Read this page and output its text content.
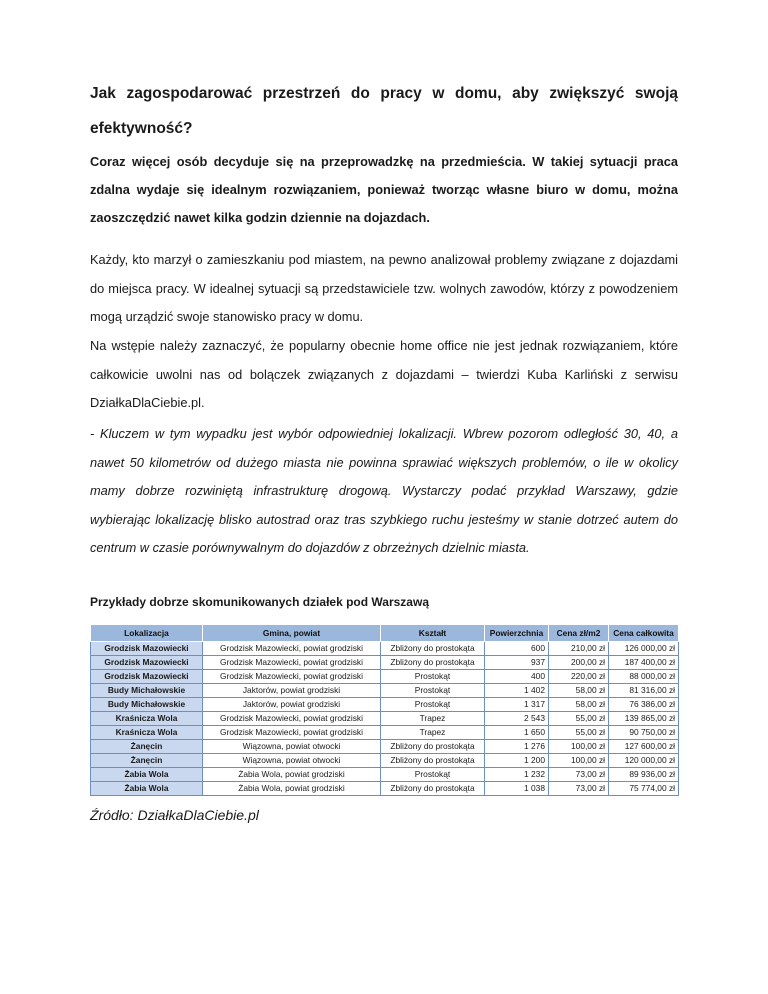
Jak zagospodarować przestrzeń do pracy w domu, aby zwiększyć swoją efektywność?

Coraz więcej osób decyduje się na przeprowadzkę na przedmieścia. W takiej sytuacji praca zdalna wydaje się idealnym rozwiązaniem, ponieważ tworząc własne biuro w domu, można zaoszczędzić nawet kilka godzin dziennie na dojazdach.

Każdy, kto marzył o zamieszkaniu pod miastem, na pewno analizował problemy związane z dojazdami do miejsca pracy. W idealnej sytuacji są przedstawiciele tzw. wolnych zawodów, którzy z powodzeniem mogą urządzić swoje stanowisko pracy w domu.

Na wstępie należy zaznaczyć, że popularny obecnie home office nie jest jednak rozwiązaniem, które całkowicie uwolni nas od bolączek związanych z dojazdami – twierdzi Kuba Karliński z serwisu DziałkaDlaCiebie.pl.

- Kluczem w tym wypadku jest wybór odpowiedniej lokalizacji. Wbrew pozorom odległość 30, 40, a nawet 50 kilometrów od dużego miasta nie powinna sprawiać większych problemów, o ile w okolicy mamy dobrze rozwiniętą infrastrukturę drogową. Wystarczy podać przykład Warszawy, gdzie wybierając lokalizację blisko autostrad oraz tras szybkiego ruchu jesteśmy w stanie dotrzeć autem do centrum w czasie porównywalnym do dojazdów z obrzeżnych dzielnic miasta.

Przykłady dobrze skomunikowanych działek pod Warszawą

Lokalizacja	Gmina, powiat	Kształt	Powierzchnia	Cena zł/m2	Cena całkowita
Grodzisk Mazowiecki	Grodzisk Mazowiecki, powiat grodziski	Zbliżony do prostokąta	600	210,00 zł	126 000,00 zł
Grodzisk Mazowiecki	Grodzisk Mazowiecki, powiat grodziski	Zbliżony do prostokąta	937	200,00 zł	187 400,00 zł
Grodzisk Mazowiecki	Grodzisk Mazowiecki, powiat grodziski	Prostokąt	400	220,00 zł	88 000,00 zł
Budy Michałowskie	Jaktorów, powiat grodziski	Prostokąt	1 402	58,00 zł	81 316,00 zł
Budy Michałowskie	Jaktorów, powiat grodziski	Prostokąt	1 317	58,00 zł	76 386,00 zł
Kraśnicza Wola	Grodzisk Mazowiecki, powiat grodziski	Trapez	2 543	55,00 zł	139 865,00 zł
Kraśnicza Wola	Grodzisk Mazowiecki, powiat grodziski	Trapez	1 650	55,00 zł	90 750,00 zł
Żanęcin	Wiązowna, powiat otwocki	Zbliżony do prostokąta	1 276	100,00 zł	127 600,00 zł
Żanęcin	Wiązowna, powiat otwocki	Zbliżony do prostokąta	1 200	100,00 zł	120 000,00 zł
Żabia Wola	Żabia Wola, powiat grodziski	Prostokąt	1 232	73,00 zł	89 936,00 zł
Żabia Wola	Żabia Wola, powiat grodziski	Zbliżony do prostokąta	1 038	73,00 zł	75 774,00 zł

Źródło: DziałkaDlaCiebie.pl
